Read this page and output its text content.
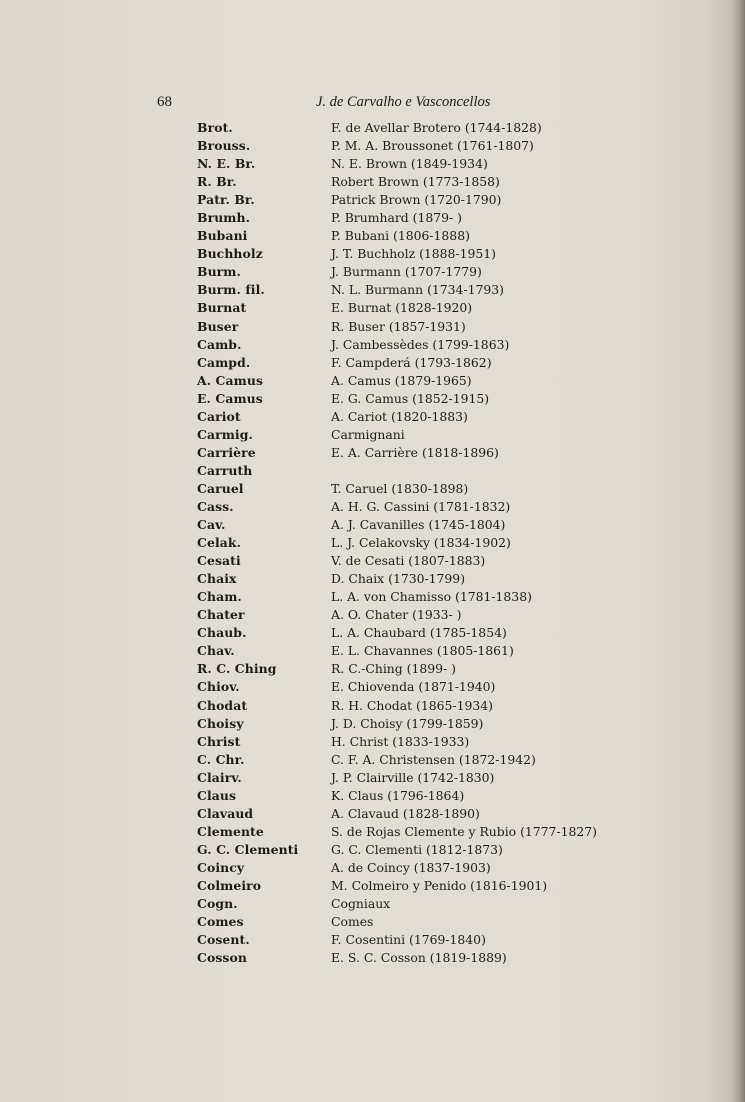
68	J. de Carvalho e Vasconcellos
Brot.	F. de Avellar Brotero (1744-1828)
Brouss.	P. M. A. Broussonet (1761-1807)
N. E. Br.	N. E. Brown (1849-1934)
R. Br.	Robert Brown (1773-1858)
Patr. Br.	Patrick Brown (1720-1790)
Brumh.	P. Brumhard (1879- )
Bubani	P. Bubani (1806-1888)
Buchholz	J. T. Buchholz (1888-1951)
Burm.	J. Burmann (1707-1779)
Burm. fil.	N. L. Burmann (1734-1793)
Burnat	E. Burnat (1828-1920)
Buser	R. Buser (1857-1931)
Camb.	J. Cambessèdes (1799-1863)
Campd.	F. Campderá (1793-1862)
A. Camus	A. Camus (1879-1965)
E. Camus	E. G. Camus (1852-1915)
Cariot	A. Cariot (1820-1883)
Carmig.	Carmignani
Carrière	E. A. Carrière (1818-1896)
Carruth
Caruel	T. Caruel (1830-1898)
Cass.	A. H. G. Cassini (1781-1832)
Cav.	A. J. Cavanilles (1745-1804)
Celak.	L. J. Celakovsky (1834-1902)
Cesati	V. de Cesati (1807-1883)
Chaix	D. Chaix (1730-1799)
Cham.	L. A. von Chamisso (1781-1838)
Chater	A. O. Chater (1933- )
Chaub.	L. A. Chaubard (1785-1854)
Chav.	E. L. Chavannes (1805-1861)
R. C. Ching	R. C.-Ching (1899- )
Chiov.	E. Chiovenda (1871-1940)
Chodat	R. H. Chodat (1865-1934)
Choisy	J. D. Choisy (1799-1859)
Christ	H. Christ (1833-1933)
C. Chr.	C. F. A. Christensen (1872-1942)
Clairv.	J. P. Clairville (1742-1830)
Claus	K. Claus (1796-1864)
Clavaud	A. Clavaud (1828-1890)
Clemente	S. de Rojas Clemente y Rubio (1777-1827)
G. C. Clementi	G. C. Clementi (1812-1873)
Coincy	A. de Coincy (1837-1903)
Colmeiro	M. Colmeiro y Penido (1816-1901)
Cogn.	Cogniaux
Comes	Comes
Cosent.	F. Cosentini (1769-1840)
Cosson	E. S. C. Cosson (1819-1889)
